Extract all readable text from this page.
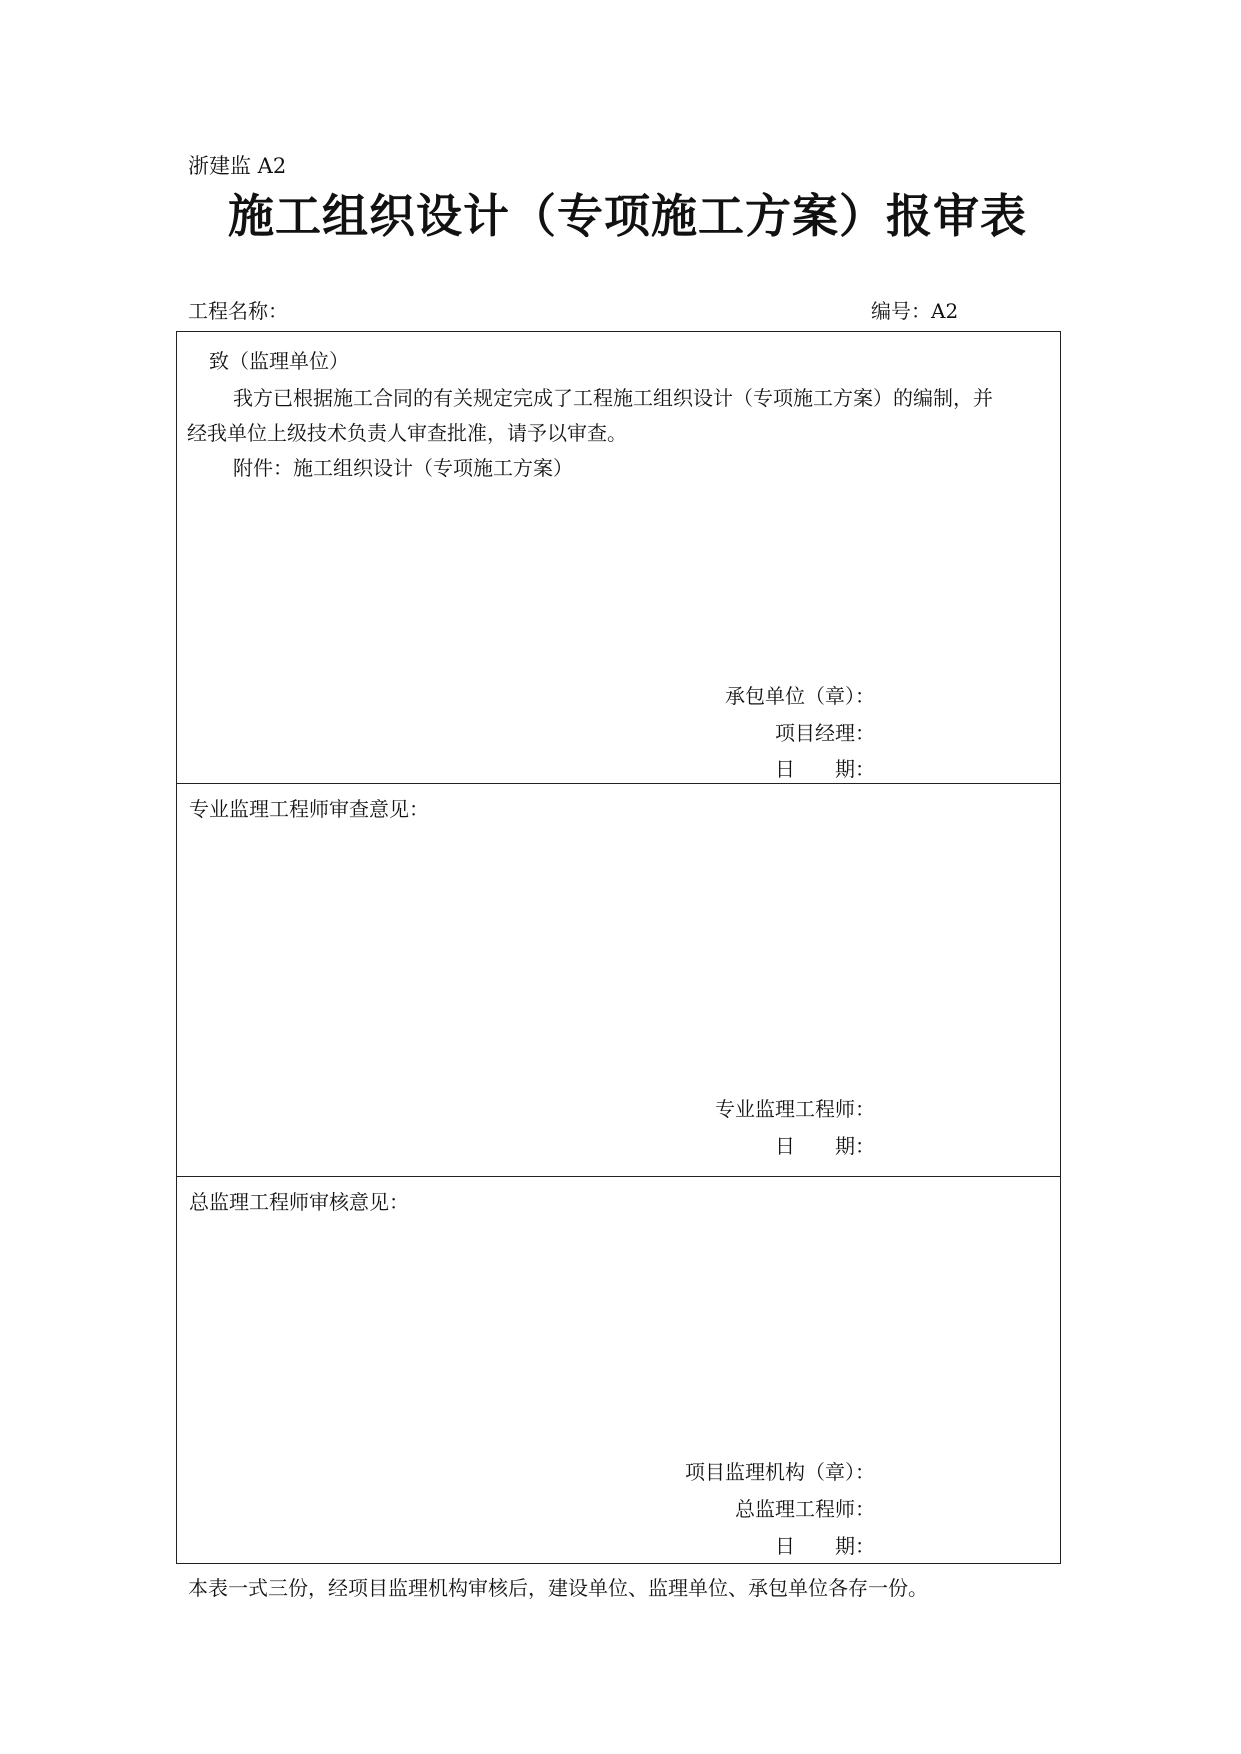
浙建监 A2
施工组织设计（专项施工方案）报审表
工程名称：	编号：A2
致（监理单位）
我方已根据施工合同的有关规定完成了工程施工组织设计（专项施工方案）的编制，并
经我单位上级技术负责人审查批准，请予以审查。
附件：施工组织设计（专项施工方案）
承包单位（章）：
项目经理：
日　　期：
专业监理工程师审查意见：
专业监理工程师：
日　　期：
总监理工程师审核意见：
项目监理机构（章）：
总监理工程师：
日　　期：
本表一式三份，经项目监理机构审核后，建设单位、监理单位、承包单位各存一份。
